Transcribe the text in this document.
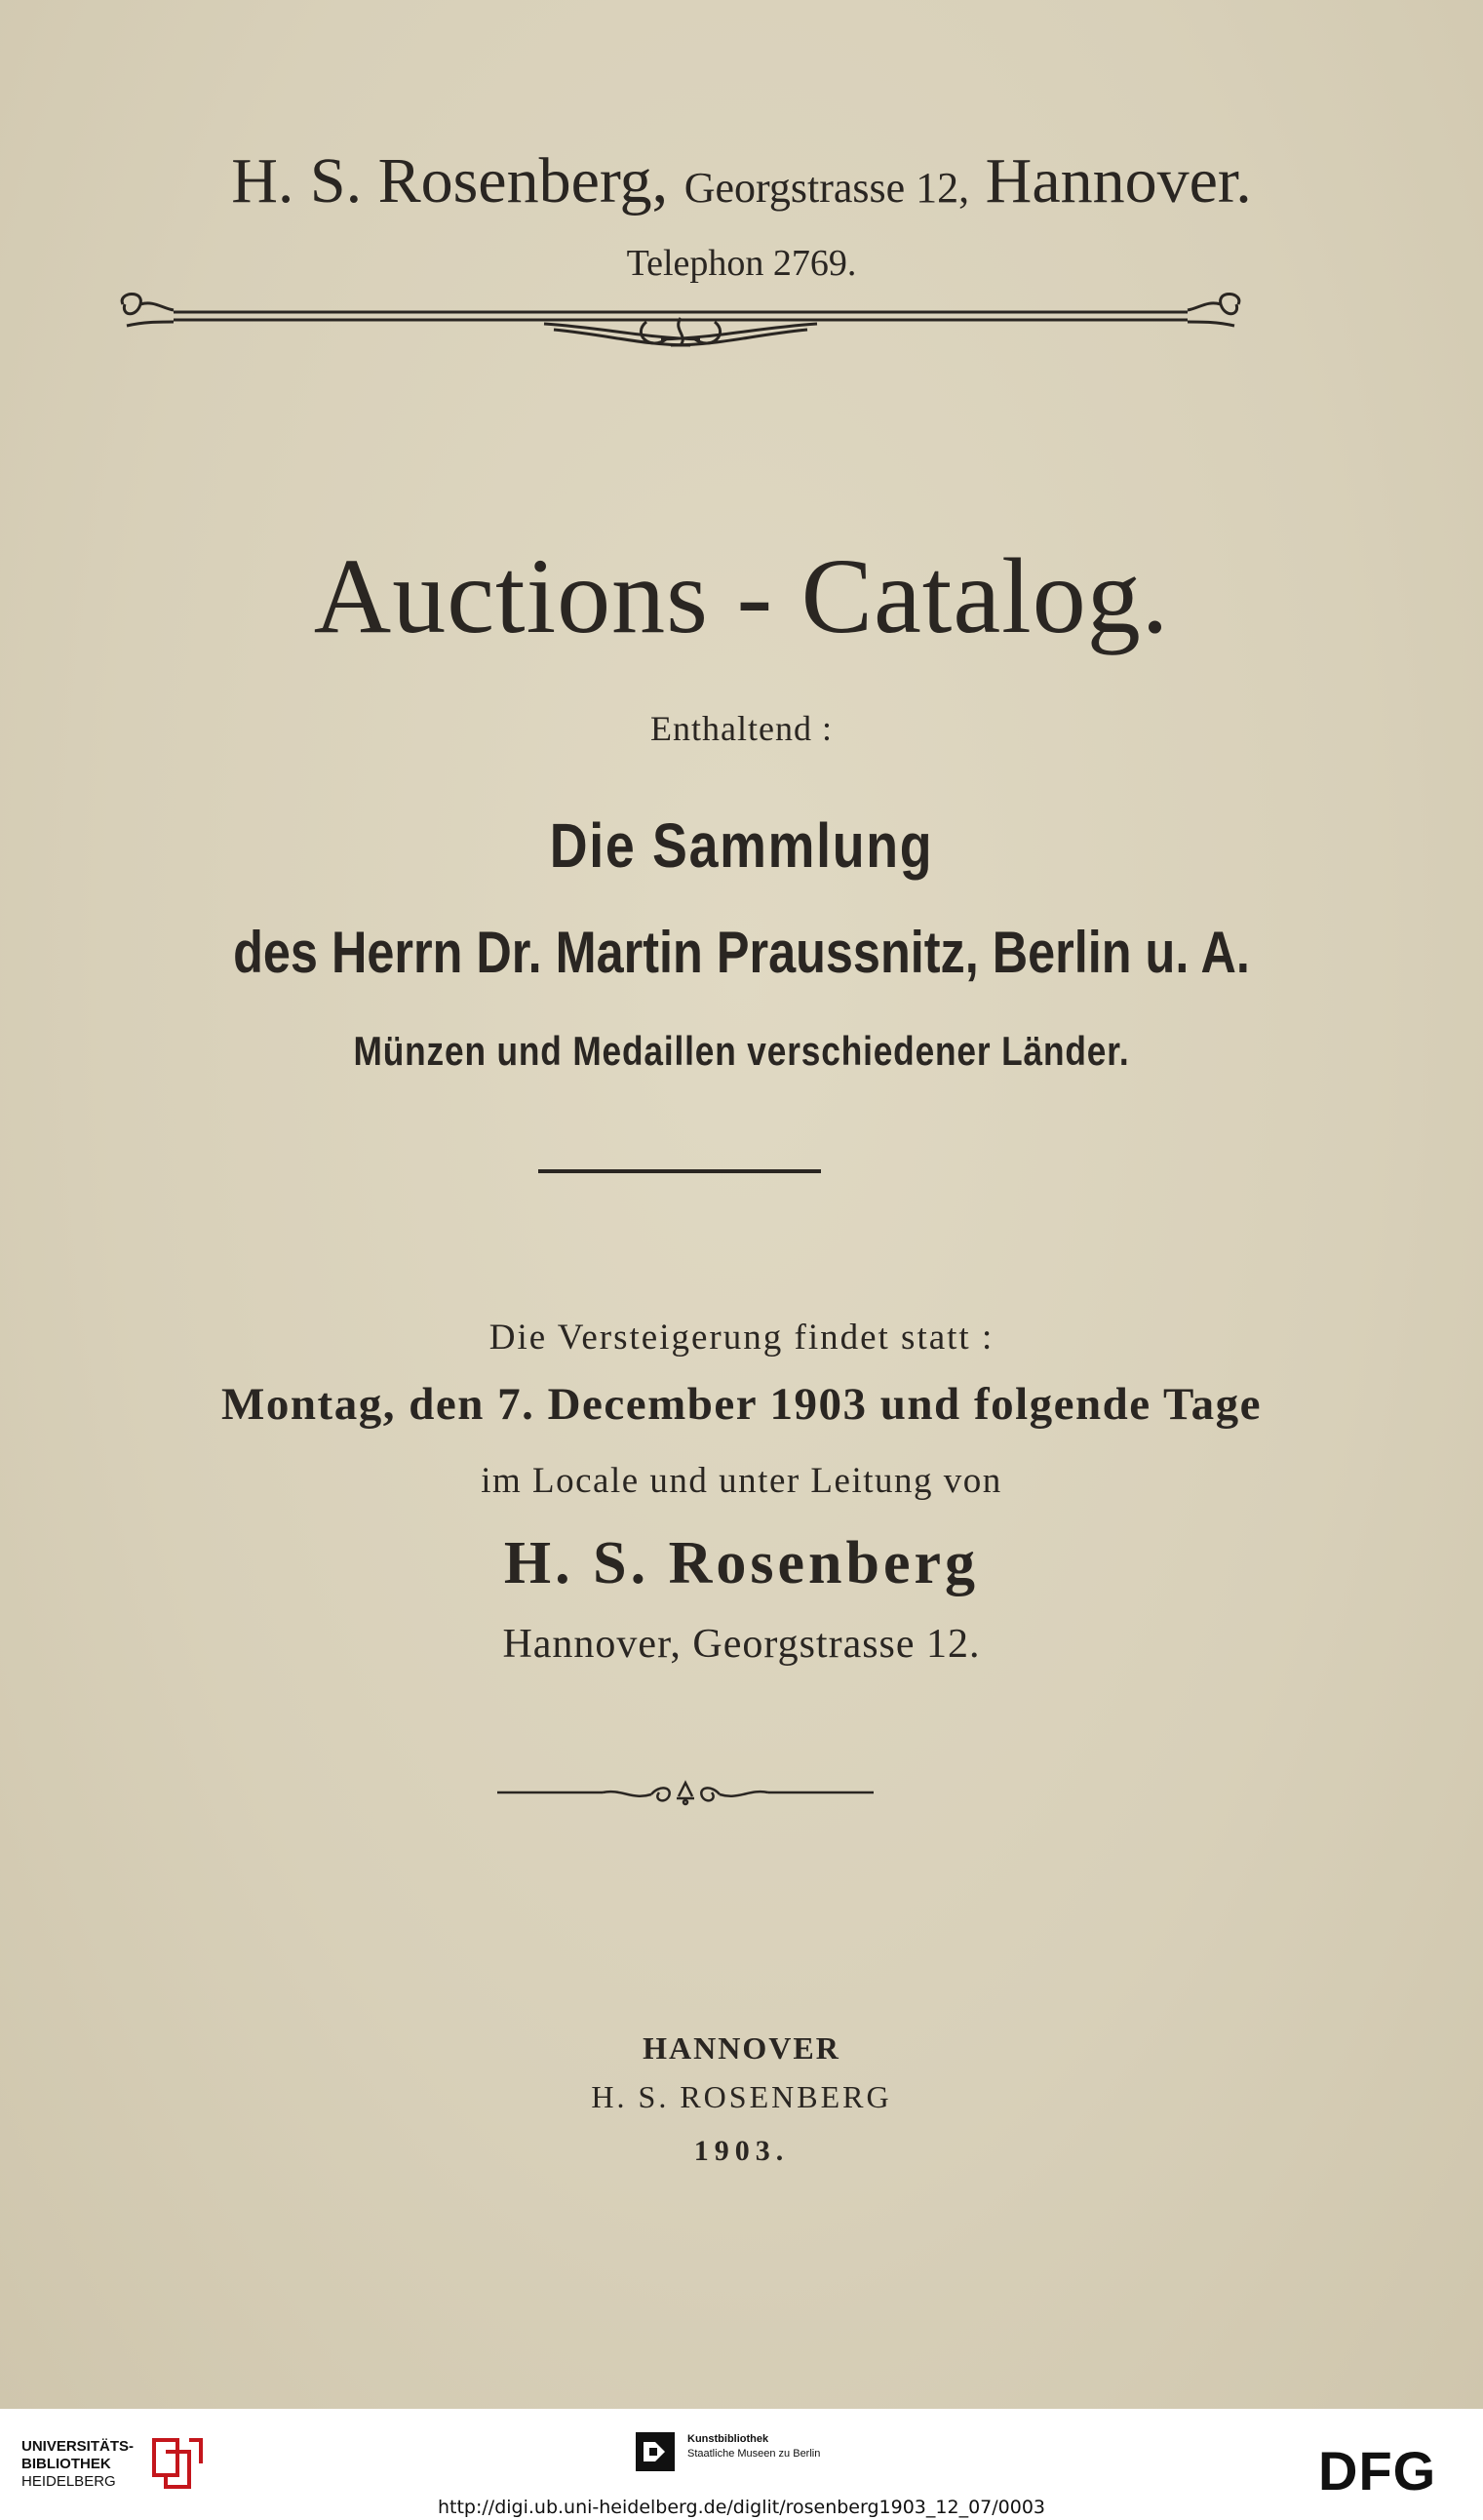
H. S. Rosenberg, Georgstrasse 12, Hannover.
Telephon 2769.
Auctions - Catalog.
Enthaltend :
Die Sammlung
des Herrn Dr. Martin Praussnitz, Berlin u. A.
Münzen und Medaillen verschiedener Länder.
Die Versteigerung findet statt :
Montag, den 7. December 1903 und folgende Tage
im Locale und unter Leitung von
H. S. Rosenberg
Hannover, Georgstrasse 12.
HANNOVER
H. S. ROSENBERG
1903.
UNIVERSITÄTS-
BIBLIOTHEK
HEIDELBERG
Kunstbibliothek
Staatliche Museen zu Berlin	DFG
http://digi.ub.uni-heidelberg.de/diglit/rosenberg1903_12_07/0003
